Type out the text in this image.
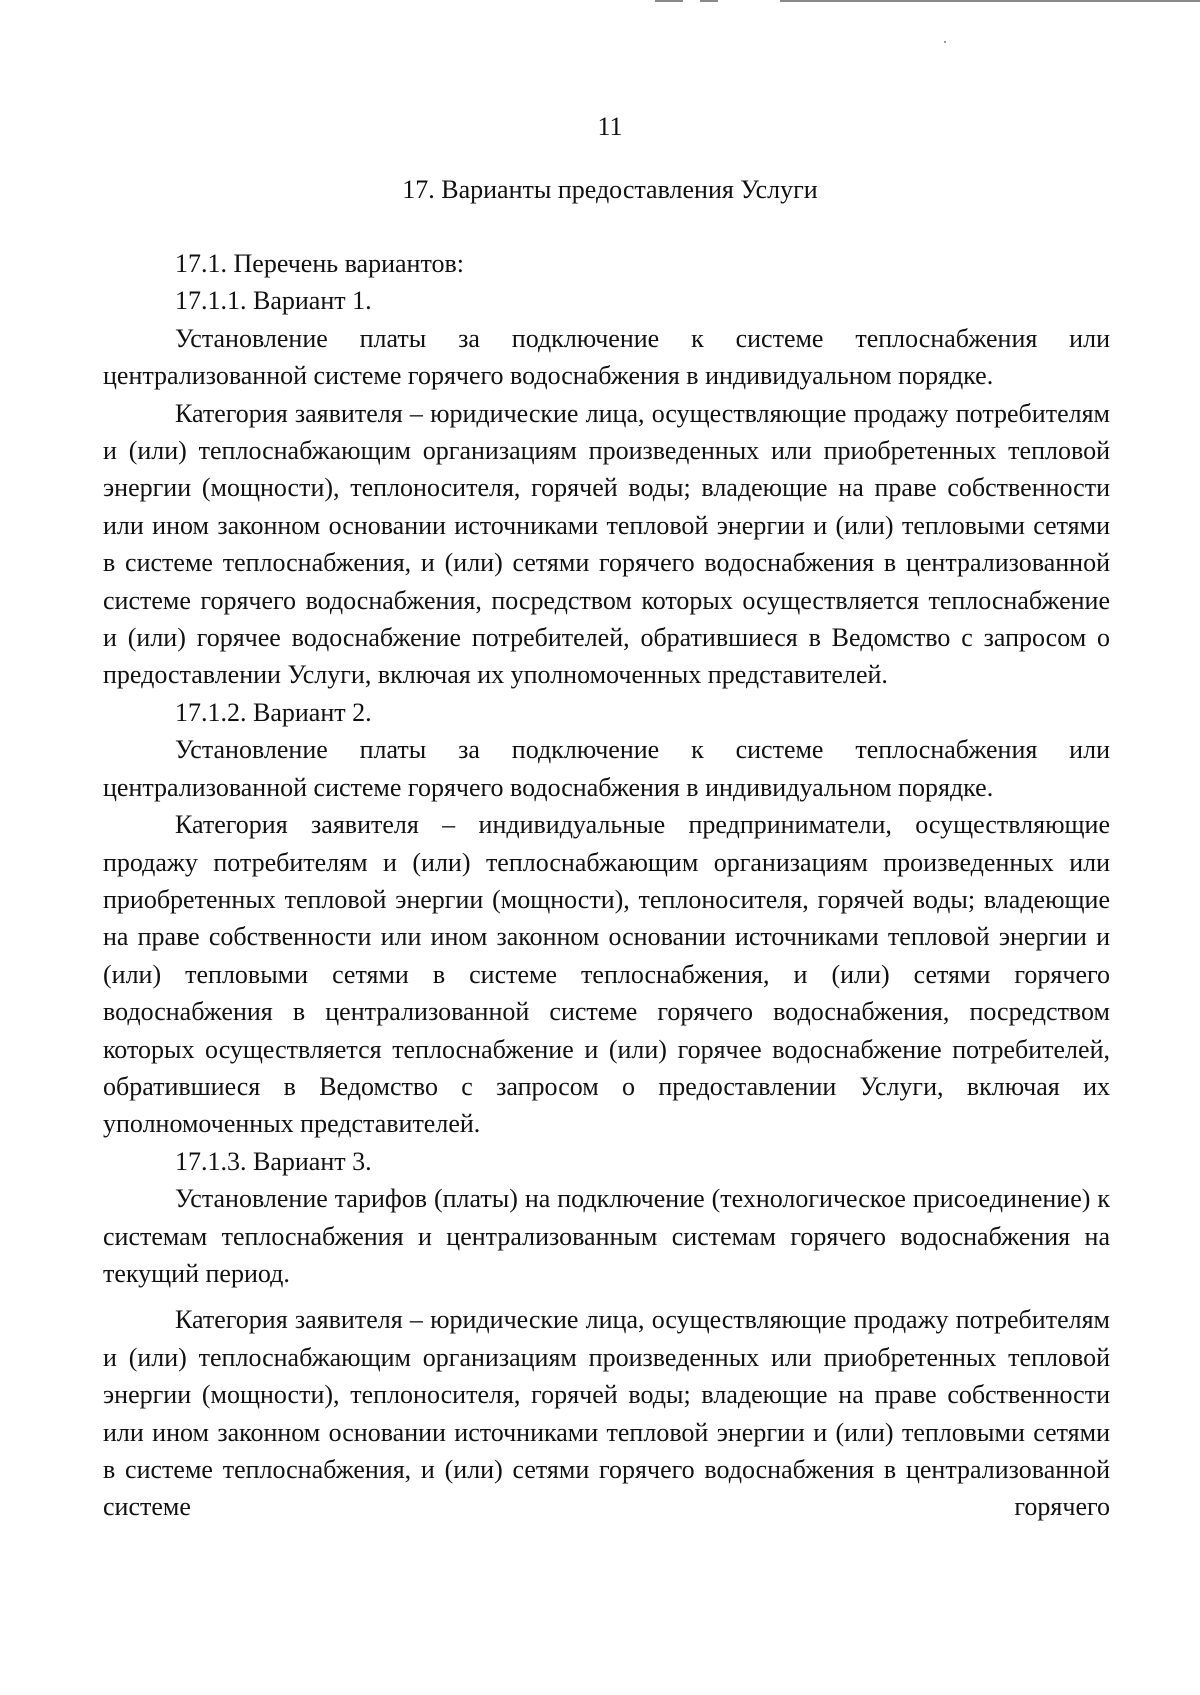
11
17. Варианты предоставления Услуги

17.1. Перечень вариантов:

17.1.1. Вариант 1.

Установление платы за подключение к системе теплоснабжения или централизованной системе горячего водоснабжения в индивидуальном порядке.

Категория заявителя – юридические лица, осуществляющие продажу потребителям и (или) теплоснабжающим организациям произведенных или приобретенных тепловой энергии (мощности), теплоносителя, горячей воды; владеющие на праве собственности или ином законном основании источниками тепловой энергии и (или) тепловыми сетями в системе теплоснабжения, и (или) сетями горячего водоснабжения в централизованной системе горячего водоснабжения, посредством которых осуществляется теплоснабжение и (или) горячее водоснабжение потребителей, обратившиеся в Ведомство с запросом о предоставлении Услуги, включая их уполномоченных представителей.

17.1.2. Вариант 2.

Установление платы за подключение к системе теплоснабжения или централизованной системе горячего водоснабжения в индивидуальном порядке.

Категория заявителя – индивидуальные предприниматели, осуществляющие продажу потребителям и (или) теплоснабжающим организациям произведенных или приобретенных тепловой энергии (мощности), теплоносителя, горячей воды; владеющие на праве собственности или ином законном основании источниками тепловой энергии и (или) тепловыми сетями в системе теплоснабжения, и (или) сетями горячего водоснабжения в централизованной системе горячего водоснабжения, посредством которых осуществляется теплоснабжение и (или) горячее водоснабжение потребителей, обратившиеся в Ведомство с запросом о предоставлении Услуги, включая их уполномоченных представителей.

17.1.3. Вариант 3.

Установление тарифов (платы) на подключение (технологическое присоединение) к системам теплоснабжения и централизованным системам горячего водоснабжения на текущий период.

Категория заявителя – юридические лица, осуществляющие продажу потребителям и (или) теплоснабжающим организациям произведенных или приобретенных тепловой энергии (мощности), теплоносителя, горячей воды; владеющие на праве собственности или ином законном основании источниками тепловой энергии и (или) тепловыми сетями в системе теплоснабжения, и (или) сетями горячего водоснабжения в централизованной системе горячего
